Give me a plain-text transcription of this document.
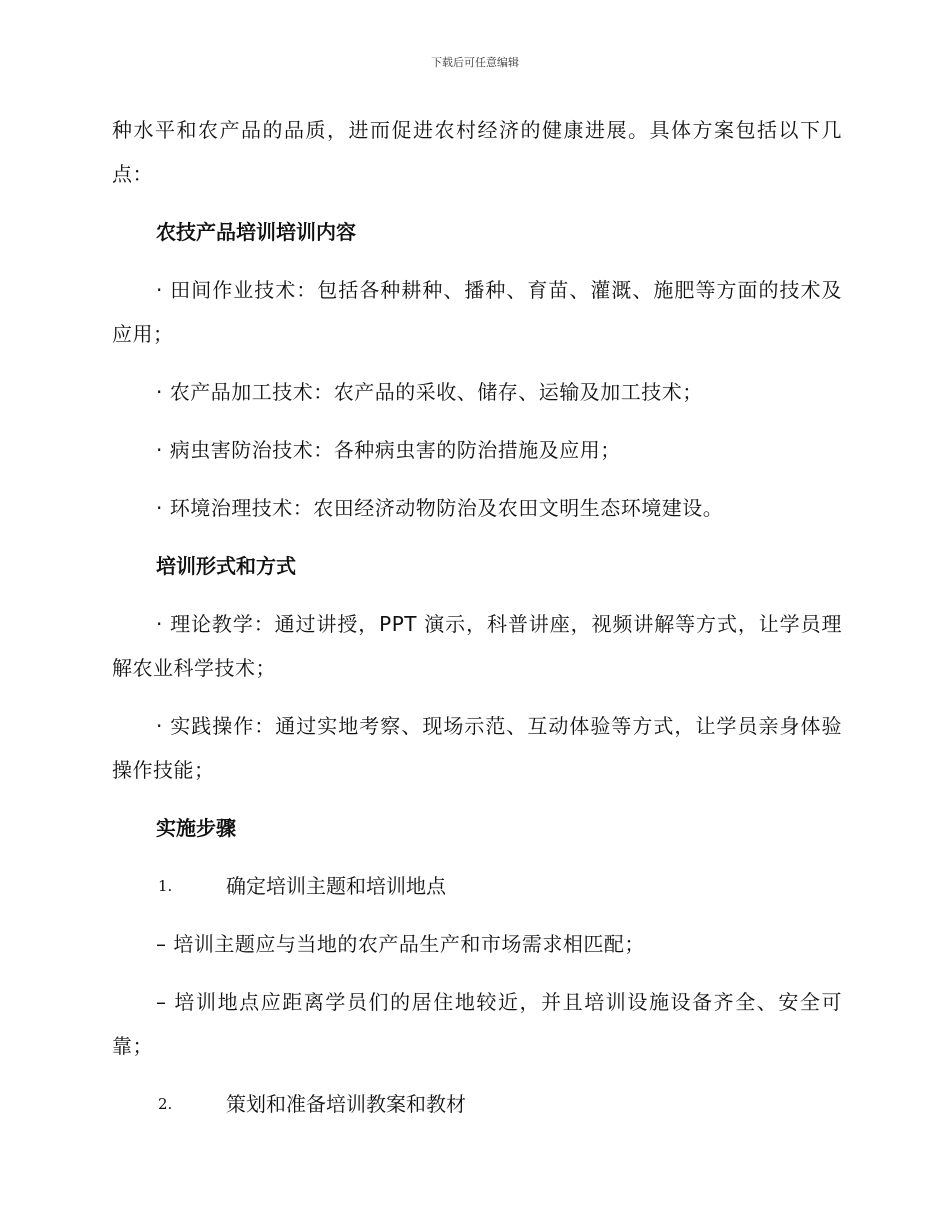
下载后可任意编辑

种水平和农产品的品质，进而促进农村经济的健康进展。具体方案包括以下几点：

农技产品培训培训内容

· 田间作业技术：包括各种耕种、播种、育苗、灌溉、施肥等方面的技术及应用；

· 农产品加工技术：农产品的采收、储存、运输及加工技术；

· 病虫害防治技术：各种病虫害的防治措施及应用；

· 环境治理技术：农田经济动物防治及农田文明生态环境建设。

培训形式和方式

· 理论教学：通过讲授，PPT 演示，科普讲座，视频讲解等方式，让学员理解农业科学技术；

· 实践操作：通过实地考察、现场示范、互动体验等方式，让学员亲身体验操作技能；

实施步骤
1.	确定培训主题和培训地点

– 培训主题应与当地的农产品生产和市场需求相匹配；

– 培训地点应距离学员们的居住地较近，并且培训设施设备齐全、安全可靠；

2.	策划和准备培训教案和教材
